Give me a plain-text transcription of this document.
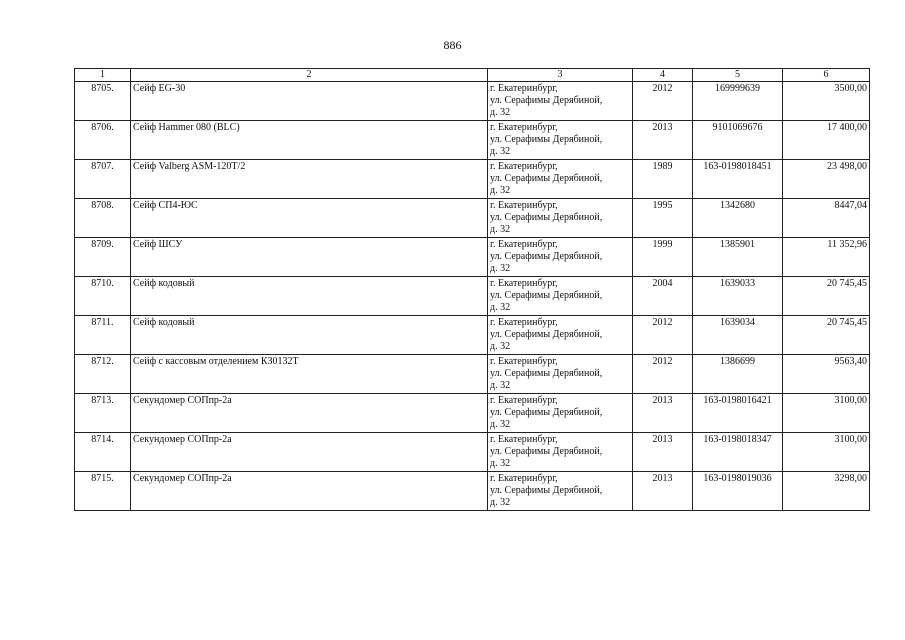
886
1	2	3	4	5	6
8705.	Сейф EG-30	г. Екатеринбург,
ул. Серафимы Дерябиной,
д. 32	2012	169999639	3500,00
8706.	Сейф Hammer 080 (BLC)	г. Екатеринбург,
ул. Серафимы Дерябиной,
д. 32	2013	9101069676	17 400,00
8707.	Сейф Valberg ASM-120T/2	г. Екатеринбург,
ул. Серафимы Дерябиной,
д. 32	1989	163-0198018451	23 498,00
8708.	Сейф СП4-ЮС	г. Екатеринбург,
ул. Серафимы Дерябиной,
д. 32	1995	1342680	8447,04
8709.	Сейф ШСУ	г. Екатеринбург,
ул. Серафимы Дерябиной,
д. 32	1999	1385901	11 352,96
8710.	Сейф кодовый	г. Екатеринбург,
ул. Серафимы Дерябиной,
д. 32	2004	1639033	20 745,45
8711.	Сейф кодовый	г. Екатеринбург,
ул. Серафимы Дерябиной,
д. 32	2012	1639034	20 745,45
8712.	Сейф с кассовым отделением КЗ0132Т	г. Екатеринбург,
ул. Серафимы Дерябиной,
д. 32	2012	1386699	9563,40
8713.	Секундомер СОПпр-2а	г. Екатеринбург,
ул. Серафимы Дерябиной,
д. 32	2013	163-0198016421	3100,00
8714.	Секундомер СОПпр-2а	г. Екатеринбург,
ул. Серафимы Дерябиной,
д. 32	2013	163-0198018347	3100,00
8715.	Секундомер СОПпр-2а	г. Екатеринбург,
ул. Серафимы Дерябиной,
д. 32	2013	163-0198019036	3298,00
